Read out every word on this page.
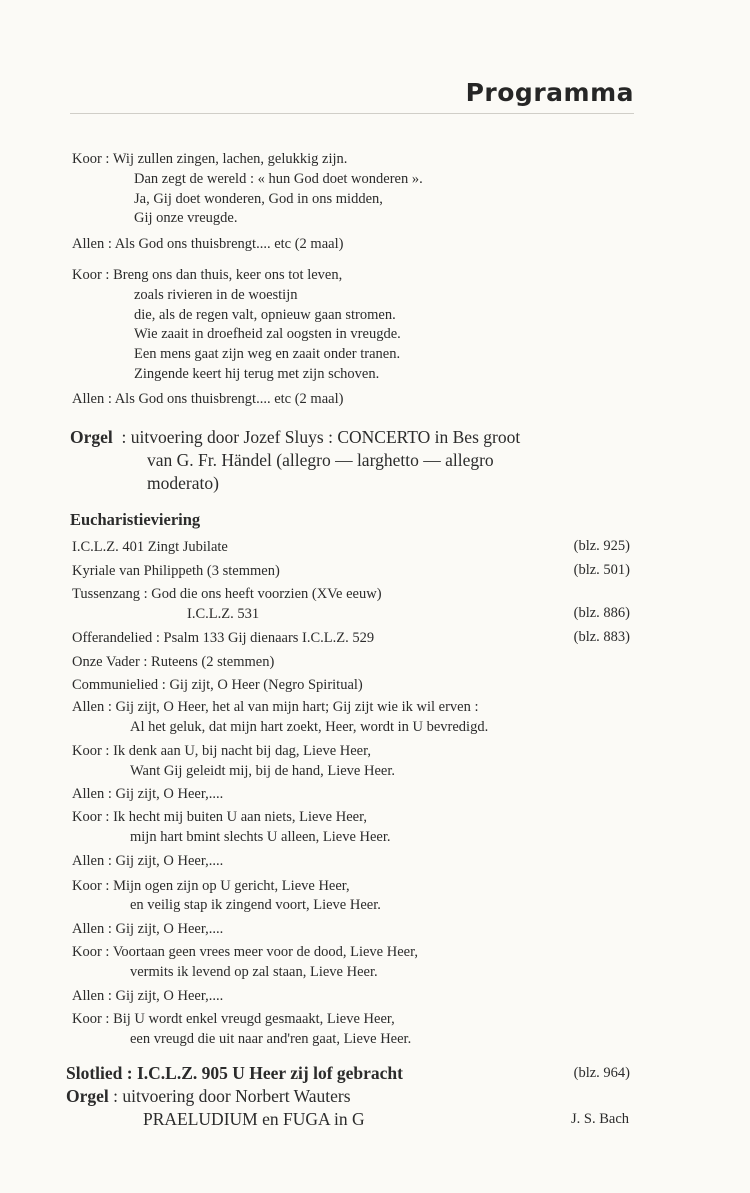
Programma
Koor : Wij zullen zingen, lachen, gelukkig zijn.
Dan zegt de wereld : « hun God doet wonderen ».
Ja, Gij doet wonderen, God in ons midden,
Gij onze vreugde.
Allen : Als God ons thuisbrengt.... etc (2 maal)
Koor : Breng ons dan thuis, keer ons tot leven,
zoals rivieren in de woestijn
die, als de regen valt, opnieuw gaan stromen.
Wie zaait in droefheid zal oogsten in vreugde.
Een mens gaat zijn weg en zaait onder tranen.
Zingende keert hij terug met zijn schoven.
Allen : Als God ons thuisbrengt.... etc (2 maal)
I.C.L.Z. 401 Zingt Jubilate
Kyriale van Philippeth (3 stemmen)
Tussenzang : God die ons heeft voorzien (XVe eeuw)
I.C.L.Z. 531
Offerandelied : Psalm 133 Gij dienaars I.C.L.Z. 529
Onze Vader : Ruteens (2 stemmen)
Communielied : Gij zijt, O Heer (Negro Spiritual)
Allen : Gij zijt, O Heer, het al van mijn hart; Gij zijt wie ik wil erven :
Al het geluk, dat mijn hart zoekt, Heer, wordt in U bevredigd.
Koor : Ik denk aan U, bij nacht bij dag, Lieve Heer,
Want Gij geleidt mij, bij de hand, Lieve Heer.
Allen : Gij zijt, O Heer,....
Koor : Ik hecht mij buiten U aan niets, Lieve Heer,
mijn hart bmint slechts U alleen, Lieve Heer.
Allen : Gij zijt, O Heer,....
Koor : Mijn ogen zijn op U gericht, Lieve Heer,
en veilig stap ik zingend voort, Lieve Heer.
Allen : Gij zijt, O Heer,....
Koor : Voortaan geen vrees meer voor de dood, Lieve Heer,
vermits ik levend op zal staan, Lieve Heer.
Allen : Gij zijt, O Heer,....
Koor : Bij U wordt enkel vreugd gesmaakt, Lieve Heer,
een vreugd die uit naar and'ren gaat, Lieve Heer.
Orgel  : uitvoering door Jozef Sluys : CONCERTO in Bes groot
van G. Fr. Händel (allegro — larghetto — allegro
moderato)
Eucharistieviering
(blz. 925)
(blz. 501)
(blz. 886)
(blz. 883)
Slotlied : I.C.L.Z. 905 U Heer zij lof gebracht	(blz. 964)
Orgel : uitvoering door Norbert Wauters
PRAELUDIUM en FUGA in G	J. S. Bach
